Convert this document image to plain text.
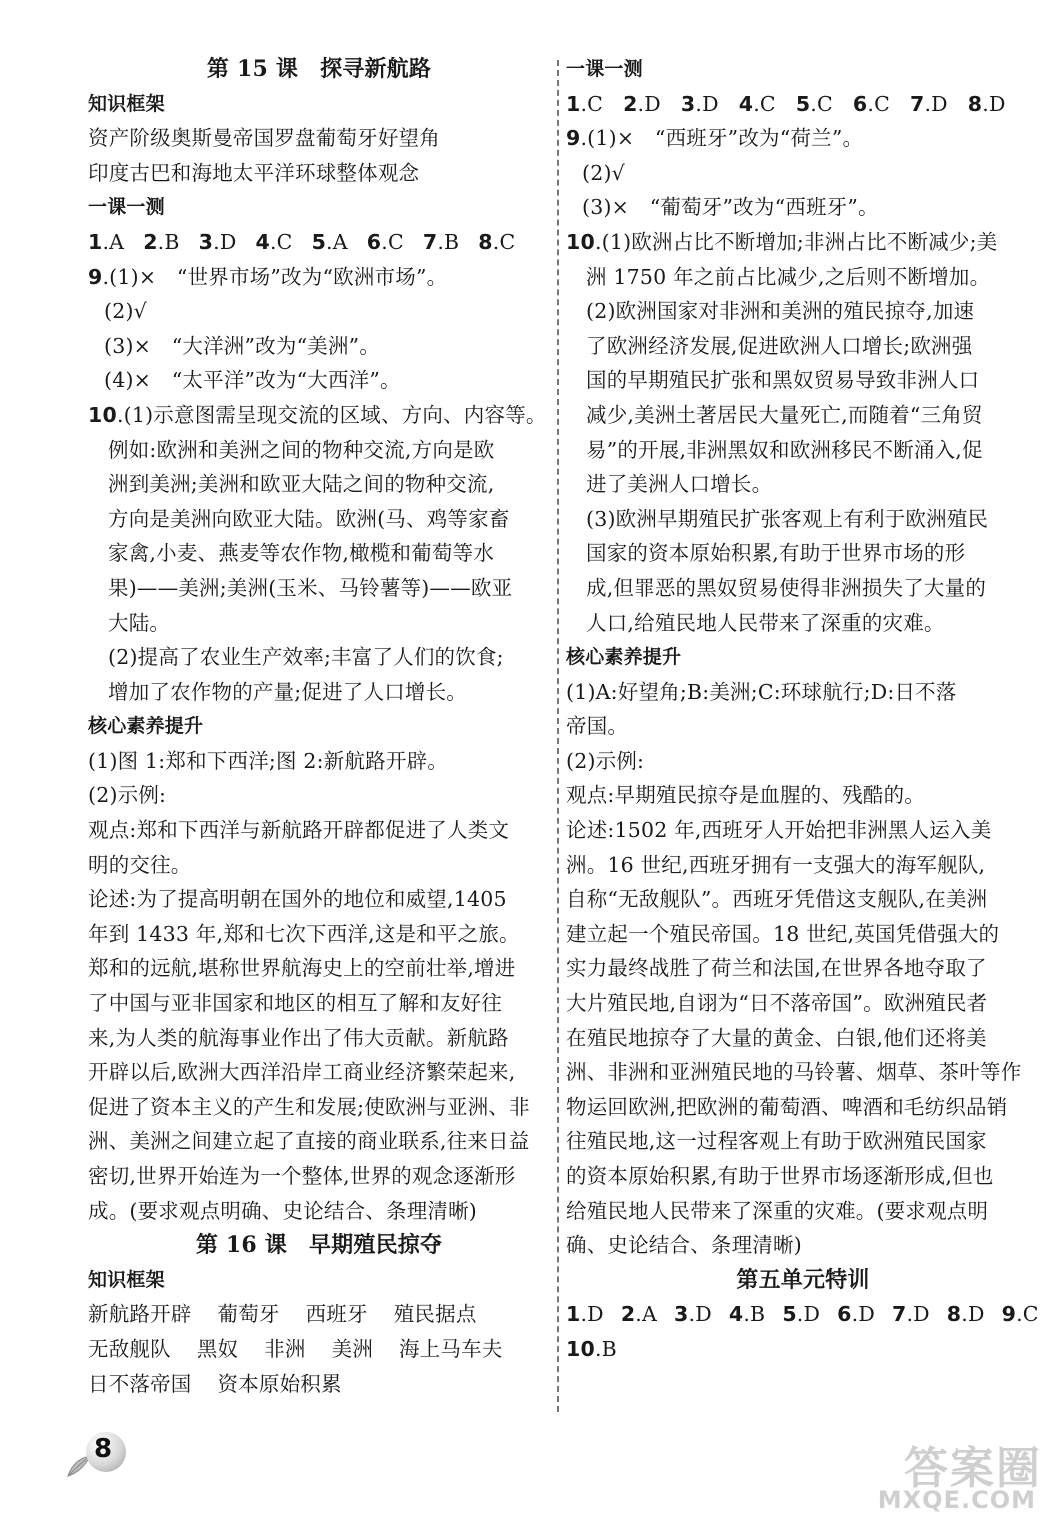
第 15 课 探寻新航路
知识框架
资产阶级 奥斯曼帝国 罗盘 葡萄牙 好望角
印度 古巴和海地 太平洋 环球 整体 观念
一课一测
1.A 2.B 3.D 4.C 5.A 6.C 7.B 8.C
9.(1)×　“世界市场”改为“欧洲市场”。
(2)√
(3)×　“大洋洲”改为“美洲”。
(4)×　“太平洋”改为“大西洋”。
10.(1)示意图需呈现交流的区域、方向、内容等。
例如:欧洲和美洲之间的物种交流,方向是欧
洲到美洲;美洲和欧亚大陆之间的物种交流,
方向是美洲向欧亚大陆。欧洲(马、鸡等家畜
家禽,小麦、燕麦等农作物,橄榄和葡萄等水
果)——美洲;美洲(玉米、马铃薯等)——欧亚
大陆。
(2)提高了农业生产效率;丰富了人们的饮食;
增加了农作物的产量;促进了人口增长。
核心素养提升
(1)图 1:郑和下西洋;图 2:新航路开辟。
(2)示例:
观点:郑和下西洋与新航路开辟都促进了人类文
明的交往。
论述:为了提高明朝在国外的地位和威望,1405
年到 1433 年,郑和七次下西洋,这是和平之旅。
郑和的远航,堪称世界航海史上的空前壮举,增进
了中国与亚非国家和地区的相互了解和友好往
来,为人类的航海事业作出了伟大贡献。新航路
开辟以后,欧洲大西洋沿岸工商业经济繁荣起来,
促进了资本主义的产生和发展;使欧洲与亚洲、非
洲、美洲之间建立起了直接的商业联系,往来日益
密切,世界开始连为一个整体,世界的观念逐渐形
成。(要求观点明确、史论结合、条理清晰)
第 16 课 早期殖民掠夺
知识框架
新航路开辟 葡萄牙 西班牙 殖民据点
无敌舰队 黑奴 非洲 美洲 海上马车夫
日不落帝国 资本原始积累
一课一测
1.C 2.D 3.D 4.C 5.C 6.C 7.D 8.D
9.(1)×　“西班牙”改为“荷兰”。
(2)√
(3)×　“葡萄牙”改为“西班牙”。
10.(1)欧洲占比不断增加;非洲占比不断减少;美
洲 1750 年之前占比减少,之后则不断增加。
(2)欧洲国家对非洲和美洲的殖民掠夺,加速
了欧洲经济发展,促进欧洲人口增长;欧洲强
国的早期殖民扩张和黑奴贸易导致非洲人口
减少,美洲土著居民大量死亡,而随着“三角贸
易”的开展,非洲黑奴和欧洲移民不断涌入,促
进了美洲人口增长。
(3)欧洲早期殖民扩张客观上有利于欧洲殖民
国家的资本原始积累,有助于世界市场的形
成,但罪恶的黑奴贸易使得非洲损失了大量的
人口,给殖民地人民带来了深重的灾难。
核心素养提升
(1)A:好望角;B:美洲;C:环球航行;D:日不落
帝国。
(2)示例:
观点:早期殖民掠夺是血腥的、残酷的。
论述:1502 年,西班牙人开始把非洲黑人运入美
洲。16 世纪,西班牙拥有一支强大的海军舰队,
自称“无敌舰队”。西班牙凭借这支舰队,在美洲
建立起一个殖民帝国。18 世纪,英国凭借强大的
实力最终战胜了荷兰和法国,在世界各地夺取了
大片殖民地,自诩为“日不落帝国”。欧洲殖民者
在殖民地掠夺了大量的黄金、白银,他们还将美
洲、非洲和亚洲殖民地的马铃薯、烟草、茶叶等作
物运回欧洲,把欧洲的葡萄酒、啤酒和毛纺织品销
往殖民地,这一过程客观上有助于欧洲殖民国家
的资本原始积累,有助于世界市场逐渐形成,但也
给殖民地人民带来了深重的灾难。(要求观点明
确、史论结合、条理清晰)
第五单元特训
1.D 2.A 3.D 4.B 5.D 6.D 7.D 8.D 9.C
10.B
8	答案圈
MXQE.COM
